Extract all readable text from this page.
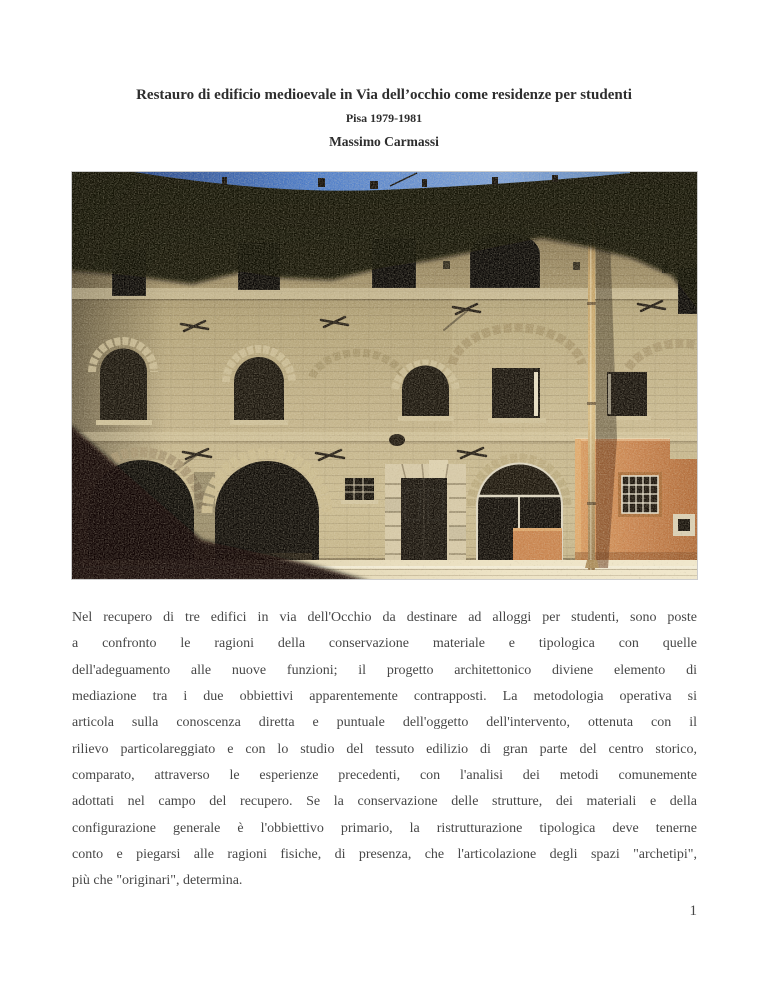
Restauro di edificio medioevale in Via dell’occhio come residenze per studenti
Pisa 1979-1981
Massimo Carmassi
Nel recupero di tre edifici in via dell'Occhio da destinare ad alloggi per studenti, sono poste
a confronto le ragioni della conservazione materiale e tipologica con quelle
dell'adeguamento alle nuove funzioni; il progetto architettonico diviene elemento di
mediazione tra i due obbiettivi apparentemente contrapposti. La metodologia operativa si
articola sulla conoscenza diretta e puntuale dell'oggetto dell'intervento, ottenuta con il
rilievo particolareggiato e con lo studio del tessuto edilizio di gran parte del centro storico,
comparato, attraverso le esperienze precedenti, con l'analisi dei metodi comunemente
adottati nel campo del recupero. Se la conservazione delle strutture, dei materiali e della
configurazione generale è l'obbiettivo primario, la ristrutturazione tipologica deve tenerne
conto e piegarsi alle ragioni fisiche, di presenza, che l'articolazione degli spazi "archetipi",
più che "originari", determina.
1
